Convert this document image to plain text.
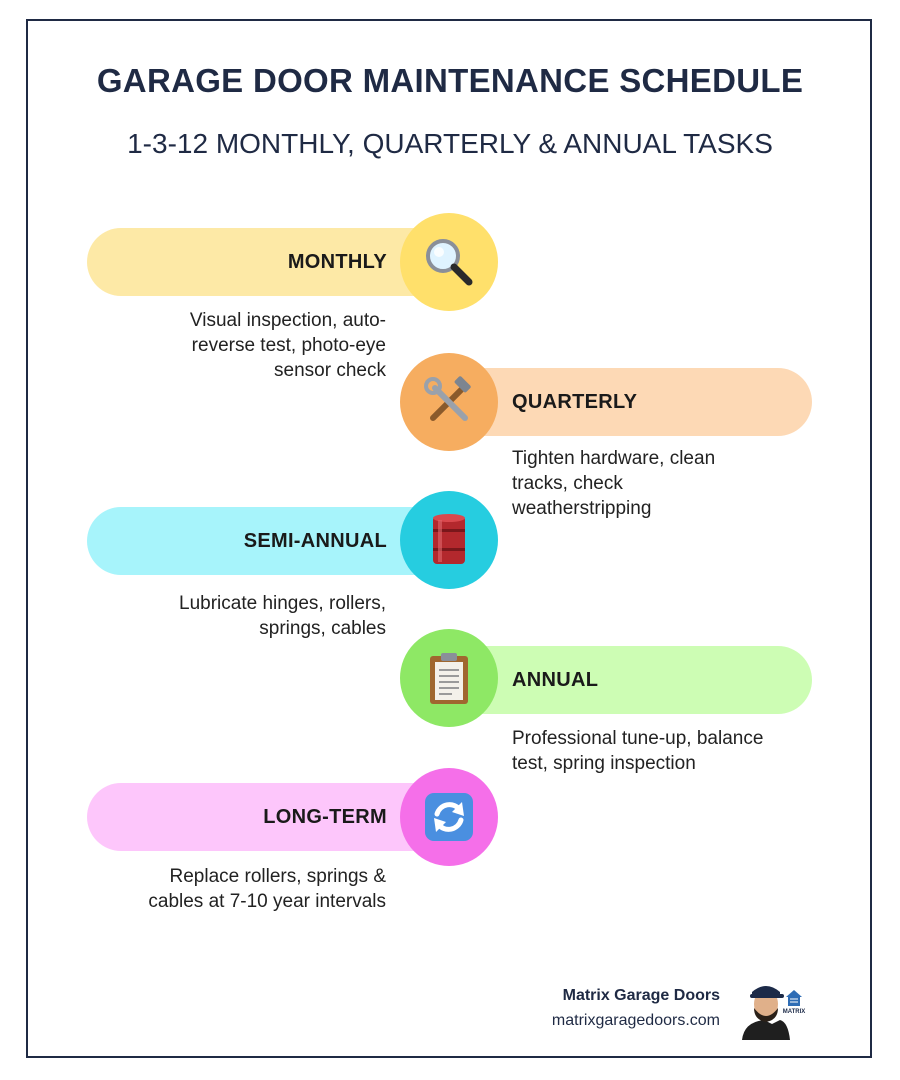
GARAGE DOOR MAINTENANCE SCHEDULE
1-3-12 MONTHLY, QUARTERLY & ANNUAL TASKS
MONTHLY
Visual inspection, auto-
reverse test, photo-eye
sensor check
QUARTERLY
Tighten hardware, clean
tracks, check
weatherstripping
SEMI-ANNUAL
Lubricate hinges, rollers,
springs, cables
ANNUAL
Professional tune-up, balance
test, spring inspection
LONG-TERM
Replace rollers, springs &
cables at 7-10 year intervals
Matrix Garage Doors
matrixgaragedoors.com	MATRIX
